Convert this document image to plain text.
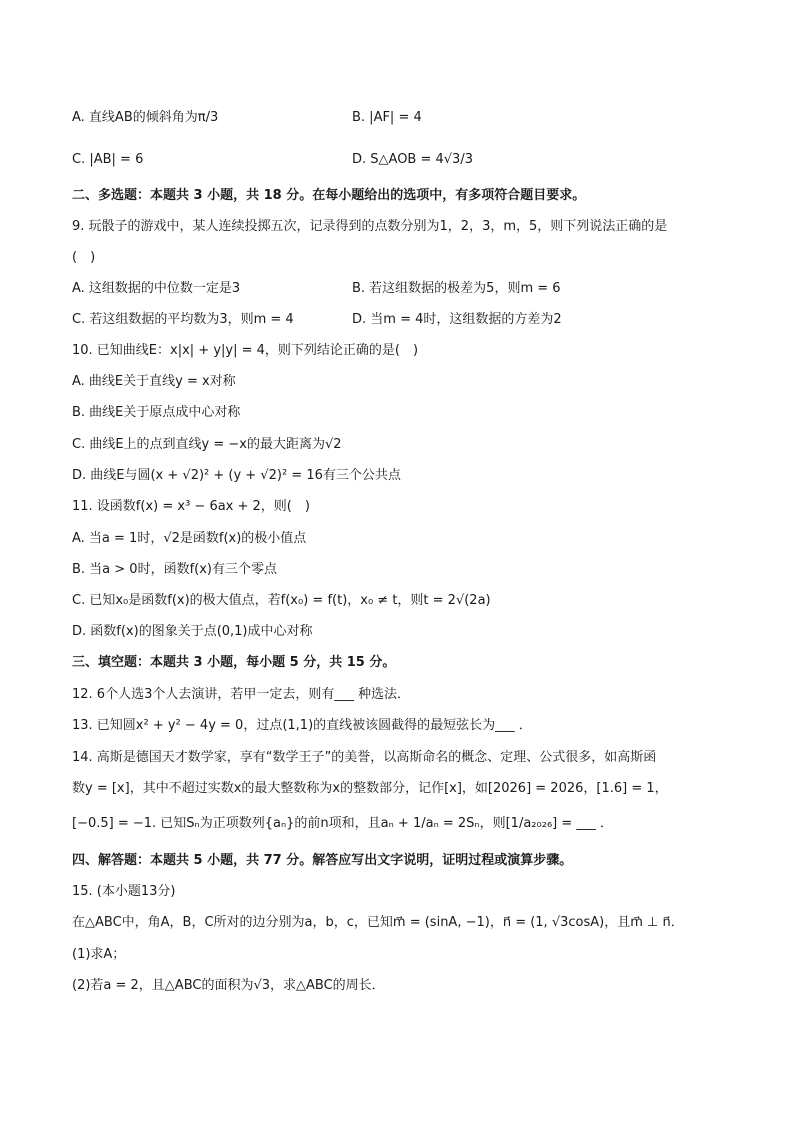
A. 直线AB的倾斜角为π/3	B. |AF| = 4
C. |AB| = 6	D. S△AOB = 4√3/3
二、多选题：本题共 3 小题，共 18 分。在每小题给出的选项中，有多项符合题目要求。
9. 玩骰子的游戏中，某人连续投掷五次，记录得到的点数分别为1，2，3，m，5，则下列说法正确的是
(　)
A. 这组数据的中位数一定是3	B. 若这组数据的极差为5，则m = 6
C. 若这组数据的平均数为3，则m = 4	D. 当m = 4时，这组数据的方差为2
10. 已知曲线E：x|x| + y|y| = 4，则下列结论正确的是(　)
A. 曲线E关于直线y = x对称
B. 曲线E关于原点成中心对称
C. 曲线E上的点到直线y = −x的最大距离为√2
D. 曲线E与圆(x + √2)² + (y + √2)² = 16有三个公共点
11. 设函数f(x) = x³ − 6ax + 2，则(　)
A. 当a = 1时，√2是函数f(x)的极小值点
B. 当a > 0时，函数f(x)有三个零点
C. 已知x₀是函数f(x)的极大值点，若f(x₀) = f(t)，x₀ ≠ t，则t = 2√(2a)
D. 函数f(x)的图象关于点(0,1)成中心对称
三、填空题：本题共 3 小题，每小题 5 分，共 15 分。
12. 6个人选3个人去演讲，若甲一定去，则有___ 种选法．
13. 已知圆x² + y² − 4y = 0，过点(1,1)的直线被该圆截得的最短弦长为___ ．
14. 高斯是德国天才数学家，享有“数学王子”的美誉，以高斯命名的概念、定理、公式很多，如高斯函
数y = [x]，其中不超过实数x的最大整数称为x的整数部分，记作[x]，如[2026] = 2026，[1.6] = 1，
[−0.5] = −1. 已知Sₙ为正项数列{aₙ}的前n项和，且aₙ + 1/aₙ = 2Sₙ，则[1/a₂₀₂₆] = ___ ．
四、解答题：本题共 5 小题，共 77 分。解答应写出文字说明，证明过程或演算步骤。
15. (本小题13分)
在△ABC中，角A，B，C所对的边分别为a，b，c，已知m⃗ = (sinA, −1)，n⃗ = (1, √3cosA)，且m⃗ ⊥ n⃗．
(1)求A；
(2)若a = 2，且△ABC的面积为√3，求△ABC的周长．
